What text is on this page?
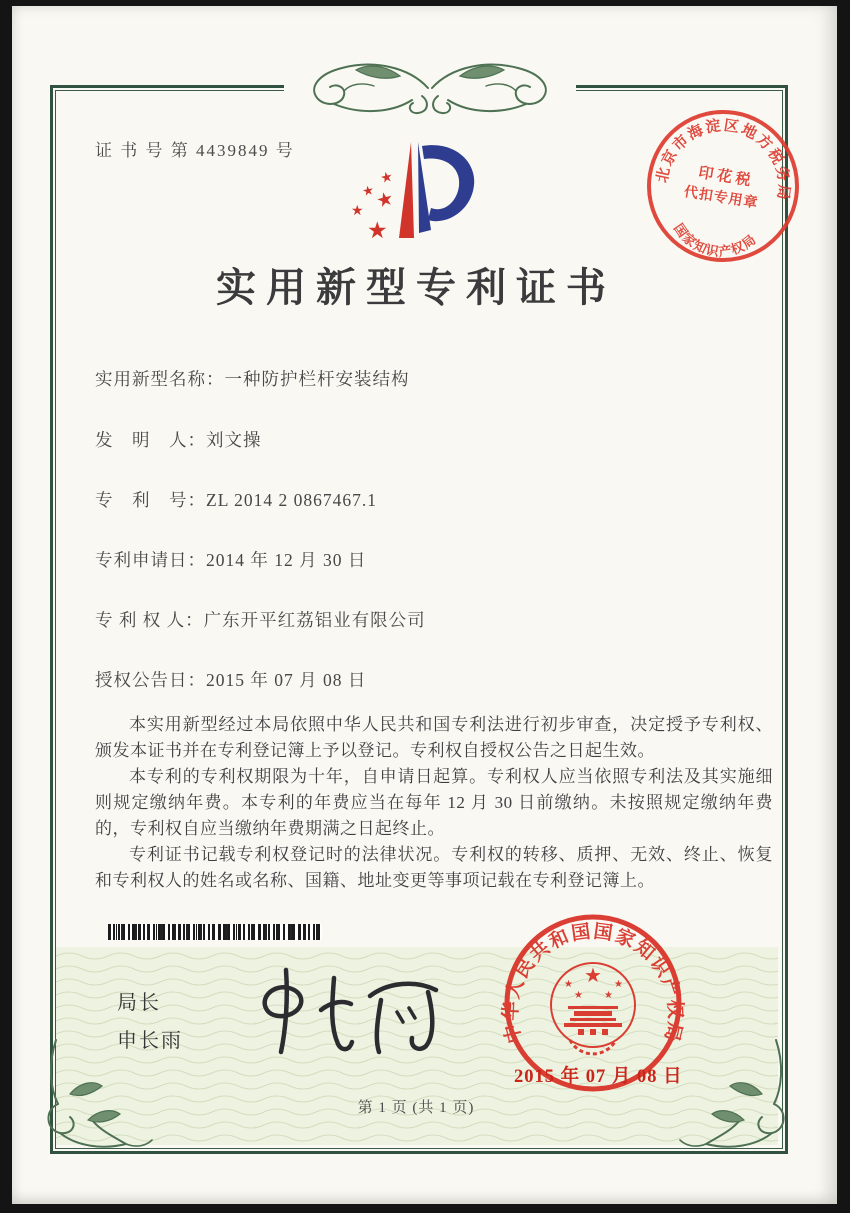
证 书 号 第 4439849 号
★
★
★ ★
★
北京市海淀区地方税务局
国家知识产权局
印 花 税
代扣专用章
实用新型专利证书
实用新型名称：一种防护栏杆安装结构
发　明　人：刘文操
专　利　号：ZL 2014 2 0867467.1
专利申请日：2014 年 12 月 30 日
专 利 权 人：广东开平红荔铝业有限公司
授权公告日：2015 年 07 月 08 日

本实用新型经过本局依照中华人民共和国专利法进行初步审查，决定授予专利权、颁发本证书并在专利登记簿上予以登记。专利权自授权公告之日起生效。

本专利的专利权期限为十年，自申请日起算。专利权人应当依照专利法及其实施细则规定缴纳年费。本专利的年费应当在每年 12 月 30 日前缴纳。未按照规定缴纳年费的，专利权自应当缴纳年费期满之日起终止。

专利证书记载专利权登记时的法律状况。专利权的转移、质押、无效、终止、恢复和专利权人的姓名或名称、国籍、地址变更等事项记载在专利登记簿上。

局长
申长雨	中华人民共和国国家知识产权局
★
★
★ ★
★
2015 年 07 月 08 日
第 1 页 (共 1 页)
